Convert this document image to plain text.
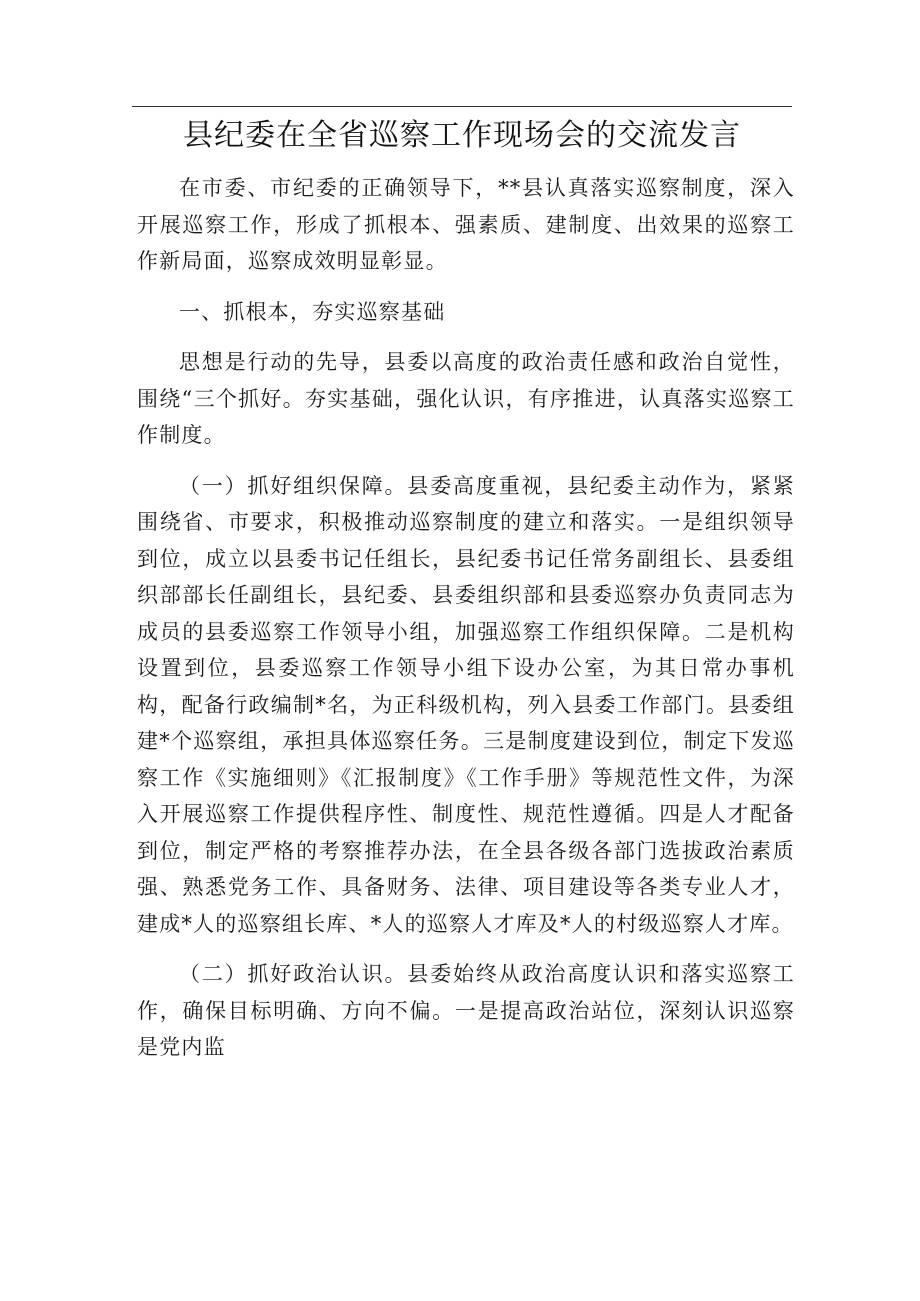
县纪委在全省巡察工作现场会的交流发言

在市委、市纪委的正确领导下，**县认真落实巡察制度，深入开展巡察工作，形成了抓根本、强素质、建制度、出效果的巡察工作新局面，巡察成效明显彰显。

一、抓根本，夯实巡察基础

思想是行动的先导，县委以高度的政治责任感和政治自觉性，围绕“三个抓好。夯实基础，强化认识，有序推进，认真落实巡察工作制度。

（一）抓好组织保障。县委高度重视，县纪委主动作为，紧紧围绕省、市要求，积极推动巡察制度的建立和落实。一是组织领导到位，成立以县委书记任组长，县纪委书记任常务副组长、县委组织部部长任副组长，县纪委、县委组织部和县委巡察办负责同志为成员的县委巡察工作领导小组，加强巡察工作组织保障。二是机构设置到位，县委巡察工作领导小组下设办公室，为其日常办事机构，配备行政编制*名，为正科级机构，列入县委工作部门。县委组建*个巡察组，承担具体巡察任务。三是制度建设到位，制定下发巡察工作《实施细则》《汇报制度》《工作手册》等规范性文件，为深入开展巡察工作提供程序性、制度性、规范性遵循。四是人才配备到位，制定严格的考察推荐办法，在全县各级各部门选拔政治素质强、熟悉党务工作、具备财务、法律、项目建设等各类专业人才，建成*人的巡察组长库、*人的巡察人才库及*人的村级巡察人才库。

（二）抓好政治认识。县委始终从政治高度认识和落实巡察工作，确保目标明确、方向不偏。一是提高政治站位，深刻认识巡察是党内监
